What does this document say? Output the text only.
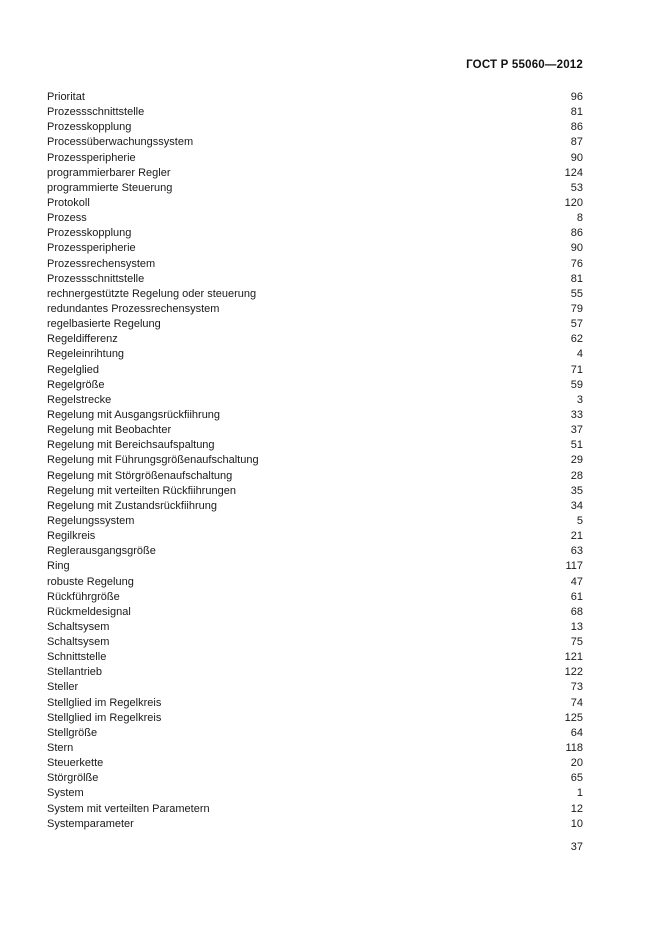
ГОСТ Р 55060—2012
Prioritat	96
Prozessschnittstelle	81
Prozesskopplung	86
Processüberwachungssystem	87
Prozessperipherie	90
programmierbarer Regler	124
programmierte Steuerung	53
Protokoll	120
Prozess	8
Prozesskopplung	86
Prozessperipherie	90
Prozessrechensystem	76
Prozessschnittstelle	81
rechnergestützte Regelung oder steuerung	55
redundantes Prozessrechensystem	79
regelbasierte Regelung	57
Regeldifferenz	62
Regeleinrihtung	4
Regelglied	71
Regelgröße	59
Regelstrecke	3
Regelung mit Ausgangsrückfiihrung	33
Regelung mit Beobachter	37
Regelung mit Bereichsaufspaltung	51
Regelung mit Führungsgrößenaufschaltung	29
Regelung mit Störgrößenaufschaltung	28
Regelung mit verteilten Rückfiihrungen	35
Regelung mit Zustandsrückfiihrung	34
Regelungssystem	5
Regilkreis	21
Reglerausgangsgröße	63
Ring	117
robuste Regelung	47
Rückführgröße	61
Rückmeldesignal	68
Schaltsysem	13
Schaltsysem	75
Schnittstelle	121
Stellantrieb	122
Steller	73
Stellglied im Regelkreis	74
Stellglied im Regelkreis	125
Stellgröße	64
Stern	118
Steuerkette	20
Störgrölße	65
System	1
System mit verteilten Parametern	12
Systemparameter	10
37
